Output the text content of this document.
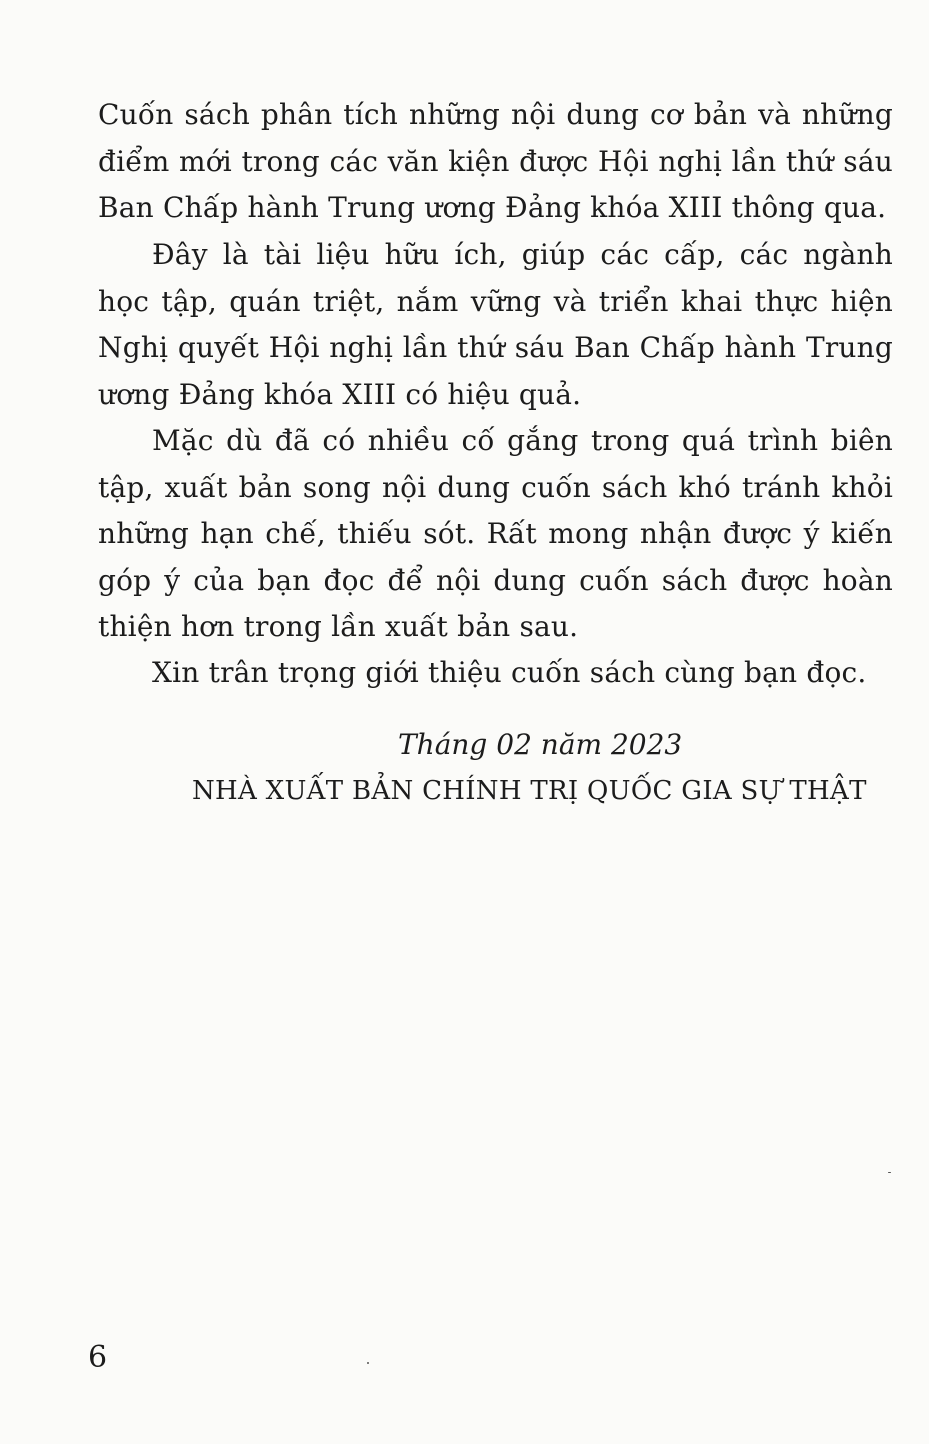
Cuốn sách phân tích những nội dung cơ bản và những điểm mới trong các văn kiện được Hội nghị lần thứ sáu Ban Chấp hành Trung ương Đảng khóa XIII thông qua.
Đây là tài liệu hữu ích, giúp các cấp, các ngành học tập, quán triệt, nắm vững và triển khai thực hiện Nghị quyết Hội nghị lần thứ sáu Ban Chấp hành Trung ương Đảng khóa XIII có hiệu quả.
Mặc dù đã có nhiều cố gắng trong quá trình biên tập, xuất bản song nội dung cuốn sách khó tránh khỏi những hạn chế, thiếu sót. Rất mong nhận được ý kiến góp ý của bạn đọc để nội dung cuốn sách được hoàn thiện hơn trong lần xuất bản sau.
Xin trân trọng giới thiệu cuốn sách cùng bạn đọc.
Tháng 02 năm 2023
NHÀ XUẤT BẢN CHÍNH TRỊ QUỐC GIA SỰ THẬT
6
